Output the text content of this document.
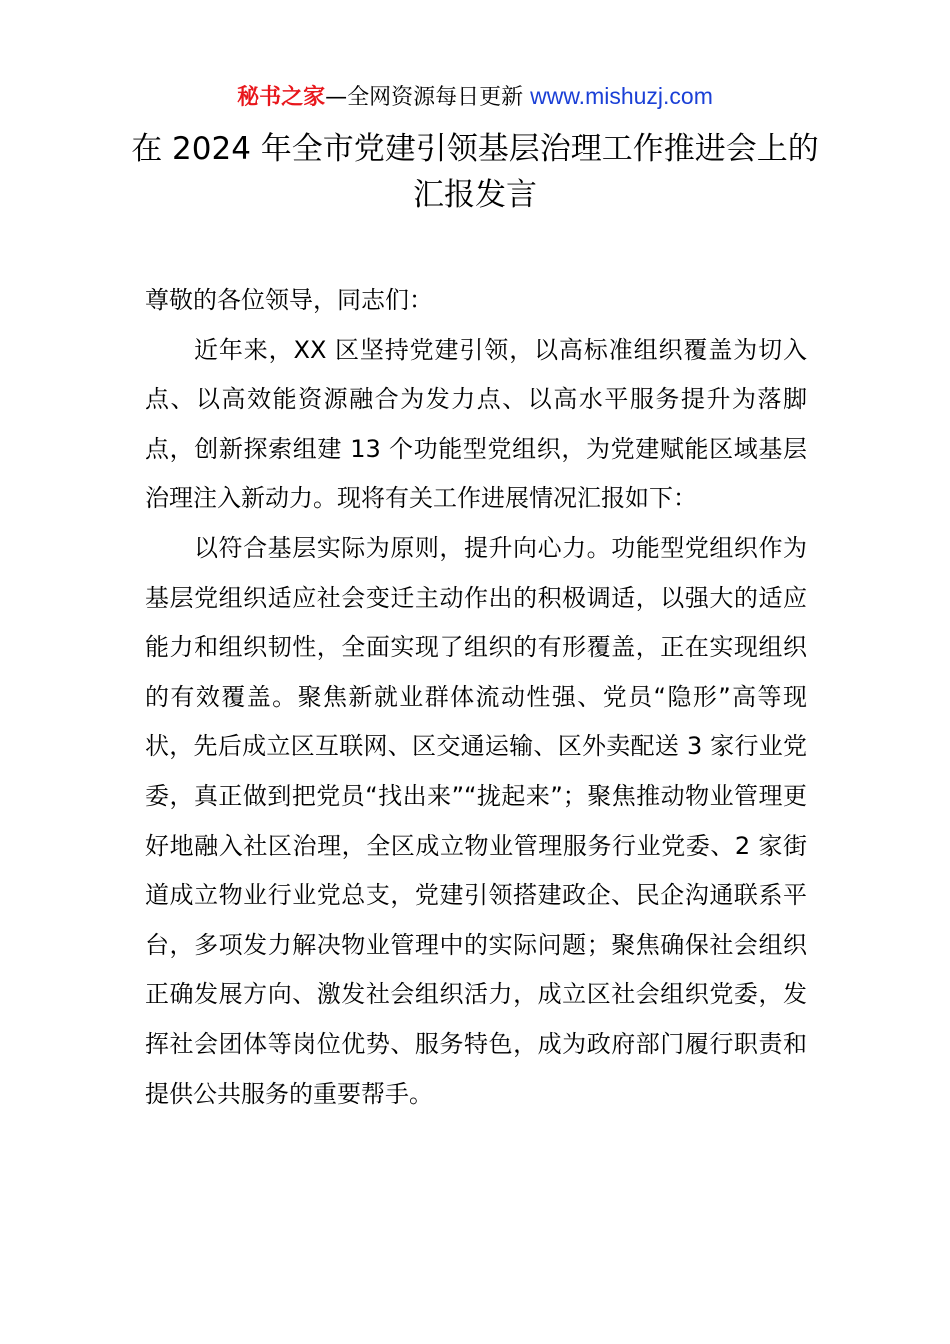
秘书之家—全网资源每日更新 www.mishuzj.com
在 2024 年全市党建引领基层治理工作推进会上的汇报发言

尊敬的各位领导，同志们：

近年来，XX 区坚持党建引领，以高标准组织覆盖为切入点、以高效能资源融合为发力点、以高水平服务提升为落脚点，创新探索组建 13 个功能型党组织，为党建赋能区域基层治理注入新动力。现将有关工作进展情况汇报如下：

以符合基层实际为原则，提升向心力。功能型党组织作为基层党组织适应社会变迁主动作出的积极调适，以强大的适应能力和组织韧性，全面实现了组织的有形覆盖，正在实现组织的有效覆盖。聚焦新就业群体流动性强、党员“隐形”高等现状，先后成立区互联网、区交通运输、区外卖配送 3 家行业党委，真正做到把党员“找出来”“拢起来”；聚焦推动物业管理更好地融入社区治理，全区成立物业管理服务行业党委、2 家街道成立物业行业党总支，党建引领搭建政企、民企沟通联系平台，多项发力解决物业管理中的实际问题；聚焦确保社会组织正确发展方向、激发社会组织活力，成立区社会组织党委，发挥社会团体等岗位优势、服务特色，成为政府部门履行职责和提供公共服务的重要帮手。
